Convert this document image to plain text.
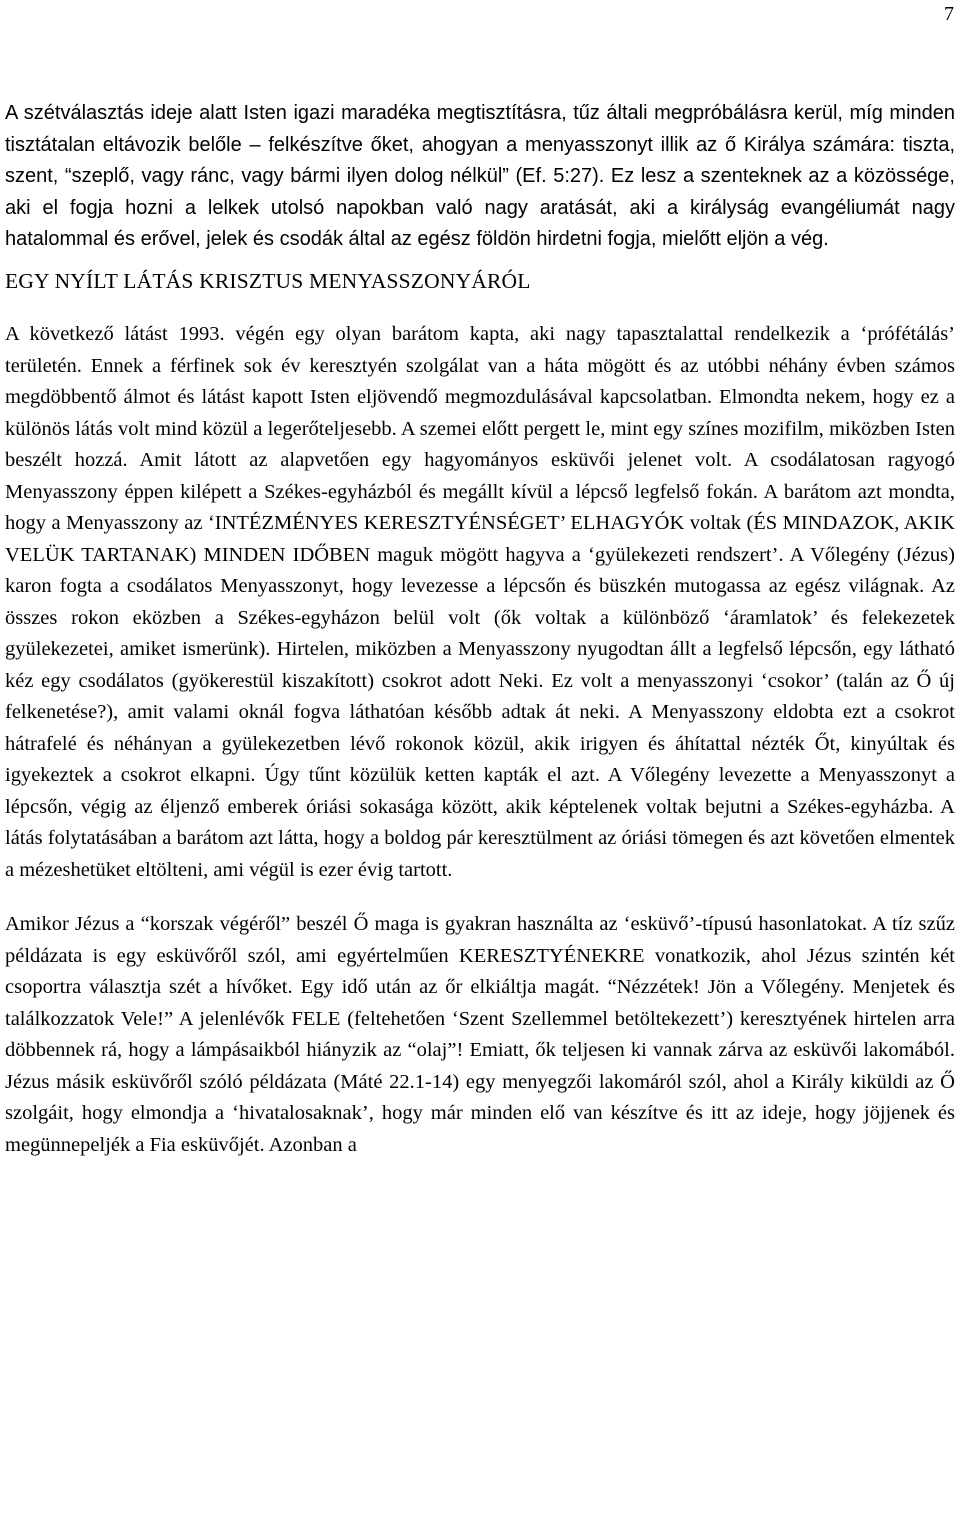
7

A szétválasztás ideje alatt Isten igazi maradéka megtisztításra, tűz általi megpróbálásra kerül, míg minden tisztátalan eltávozik belőle – felkészítve őket, ahogyan a menyasszonyt illik az ő Királya számára: tiszta, szent, “szeplő, vagy ránc, vagy bármi ilyen dolog nélkül” (Ef. 5:27). Ez lesz a szenteknek az a közössége, aki el fogja hozni a lelkek utolsó napokban való nagy aratását, aki a királyság evangéliumát nagy hatalommal és erővel, jelek és csodák által az egész földön hirdetni fogja, mielőtt eljön a vég.

EGY NYÍLT LÁTÁS KRISZTUS MENYASSZONYÁRÓL

A következő látást 1993. végén egy olyan barátom kapta, aki nagy tapasztalattal rendelkezik a ‘prófétálás’ területén. Ennek a férfinek sok év keresztyén szolgálat van a háta mögött és az utóbbi néhány évben számos megdöbbentő álmot és látást kapott Isten eljövendő megmozdulásával kapcsolatban. Elmondta nekem, hogy ez a különös látás volt mind közül a legerőteljesebb. A szemei előtt pergett le, mint egy színes mozifilm, miközben Isten beszélt hozzá. Amit látott az alapvetően egy hagyományos esküvői jelenet volt. A csodálatosan ragyogó Menyasszony éppen kilépett a Székes-egyházból és megállt kívül a lépcső legfelső fokán. A barátom azt mondta, hogy a Menyasszony az ‘INTÉZMÉNYES KERESZTYÉNSÉGET’ ELHAGYÓK voltak (ÉS MINDAZOK, AKIK VELÜK TARTANAK) MINDEN IDŐBEN maguk mögött hagyva a ‘gyülekezeti rendszert’. A Vőlegény (Jézus) karon fogta a csodálatos Menyasszonyt, hogy levezesse a lépcsőn és büszkén mutogassa az egész világnak. Az összes rokon eközben a Székes-egyházon belül volt (ők voltak a különböző ‘áramlatok’ és felekezetek gyülekezetei, amiket ismerünk). Hirtelen, miközben a Menyasszony nyugodtan állt a legfelső lépcsőn, egy látható kéz egy csodálatos (gyökerestül kiszakított) csokrot adott Neki. Ez volt a menyasszonyi ‘csokor’ (talán az Ő új felkenetése?), amit valami oknál fogva láthatóan később adtak át neki. A Menyasszony eldobta ezt a csokrot hátrafelé és néhányan a gyülekezetben lévő rokonok közül, akik irigyen és áhítattal nézték Őt, kinyúltak és igyekeztek a csokrot elkapni. Úgy tűnt közülük ketten kapták el azt. A Vőlegény levezette a Menyasszonyt a lépcsőn, végig az éljenző emberek óriási sokasága között, akik képtelenek voltak bejutni a Székes-egyházba. A látás folytatásában a barátom azt látta, hogy a boldog pár keresztülment az óriási tömegen és azt követően elmentek a mézeshetüket eltölteni, ami végül is ezer évig tartott.

Amikor Jézus a “korszak végéről” beszél Ő maga is gyakran használta az ‘esküvő’-típusú hasonlatokat. A tíz szűz példázata is egy esküvőről szól, ami egyértelműen KERESZTYÉNEKRE vonatkozik, ahol Jézus szintén két csoportra választja szét a hívőket. Egy idő után az őr elkiáltja magát. “Nézzétek! Jön a Vőlegény. Menjetek és találkozzatok Vele!” A jelenlévők FELE (feltehetően ‘Szent Szellemmel betöltekezett’) keresztyének hirtelen arra döbbennek rá, hogy a lámpásaikból hiányzik az “olaj”! Emiatt, ők teljesen ki vannak zárva az esküvői lakomából. Jézus másik esküvőről szóló példázata (Máté 22.1-14) egy menyegzői lakomáról szól, ahol a Király kiküldi az Ő szolgáit, hogy elmondja a ‘hivatalosaknak’, hogy már minden elő van készítve és itt az ideje, hogy jöjjenek és megünnepeljék a Fia esküvőjét. Azonban a
